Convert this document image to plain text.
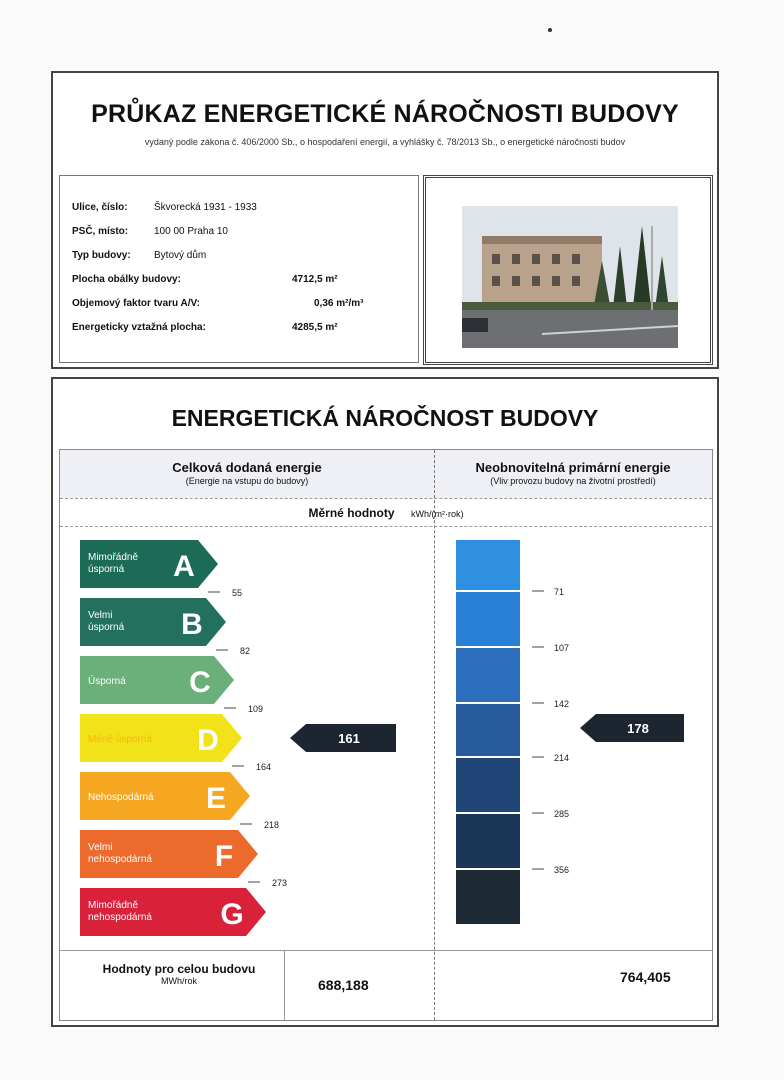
PRŮKAZ ENERGETICKÉ NÁROČNOSTI BUDOVY
vydaný podle zákona č. 406/2000 Sb., o hospodaření energií, a vyhlášky č. 78/2013 Sb., o energetické náročnosti budov
Ulice, číslo:	Škvorecká 1931 - 1933
PSČ, místo:	100 00 Praha 10
Typ budovy: Bytový dům
Plocha obálky budovy:	4712,5 m²
Objemový faktor tvaru A/V:	0,36 m²/m³
Energeticky vztažná plocha:	4285,5 m²
ENERGETICKÁ NÁROČNOST BUDOVY
Celková dodaná energie
(Energie na vstupu do budovy)
Neobnovitelná primární energie
(Vliv provozu budovy na životní prostředí)
Měrné hodnoty kWh/(m²·rok)
Mimořádně
úsporná A
Velmi
úsporná B
Úsporná C
Méně úsporná D
Nehospodárná E
Velmi
nehospodárná F
Mimořádně
nehospodárná G
55
82
109
164
218
273
161
71
107
142
214
285
356
178
Hodnoty pro celou budovu
MWh/rok	688,188	764,405
